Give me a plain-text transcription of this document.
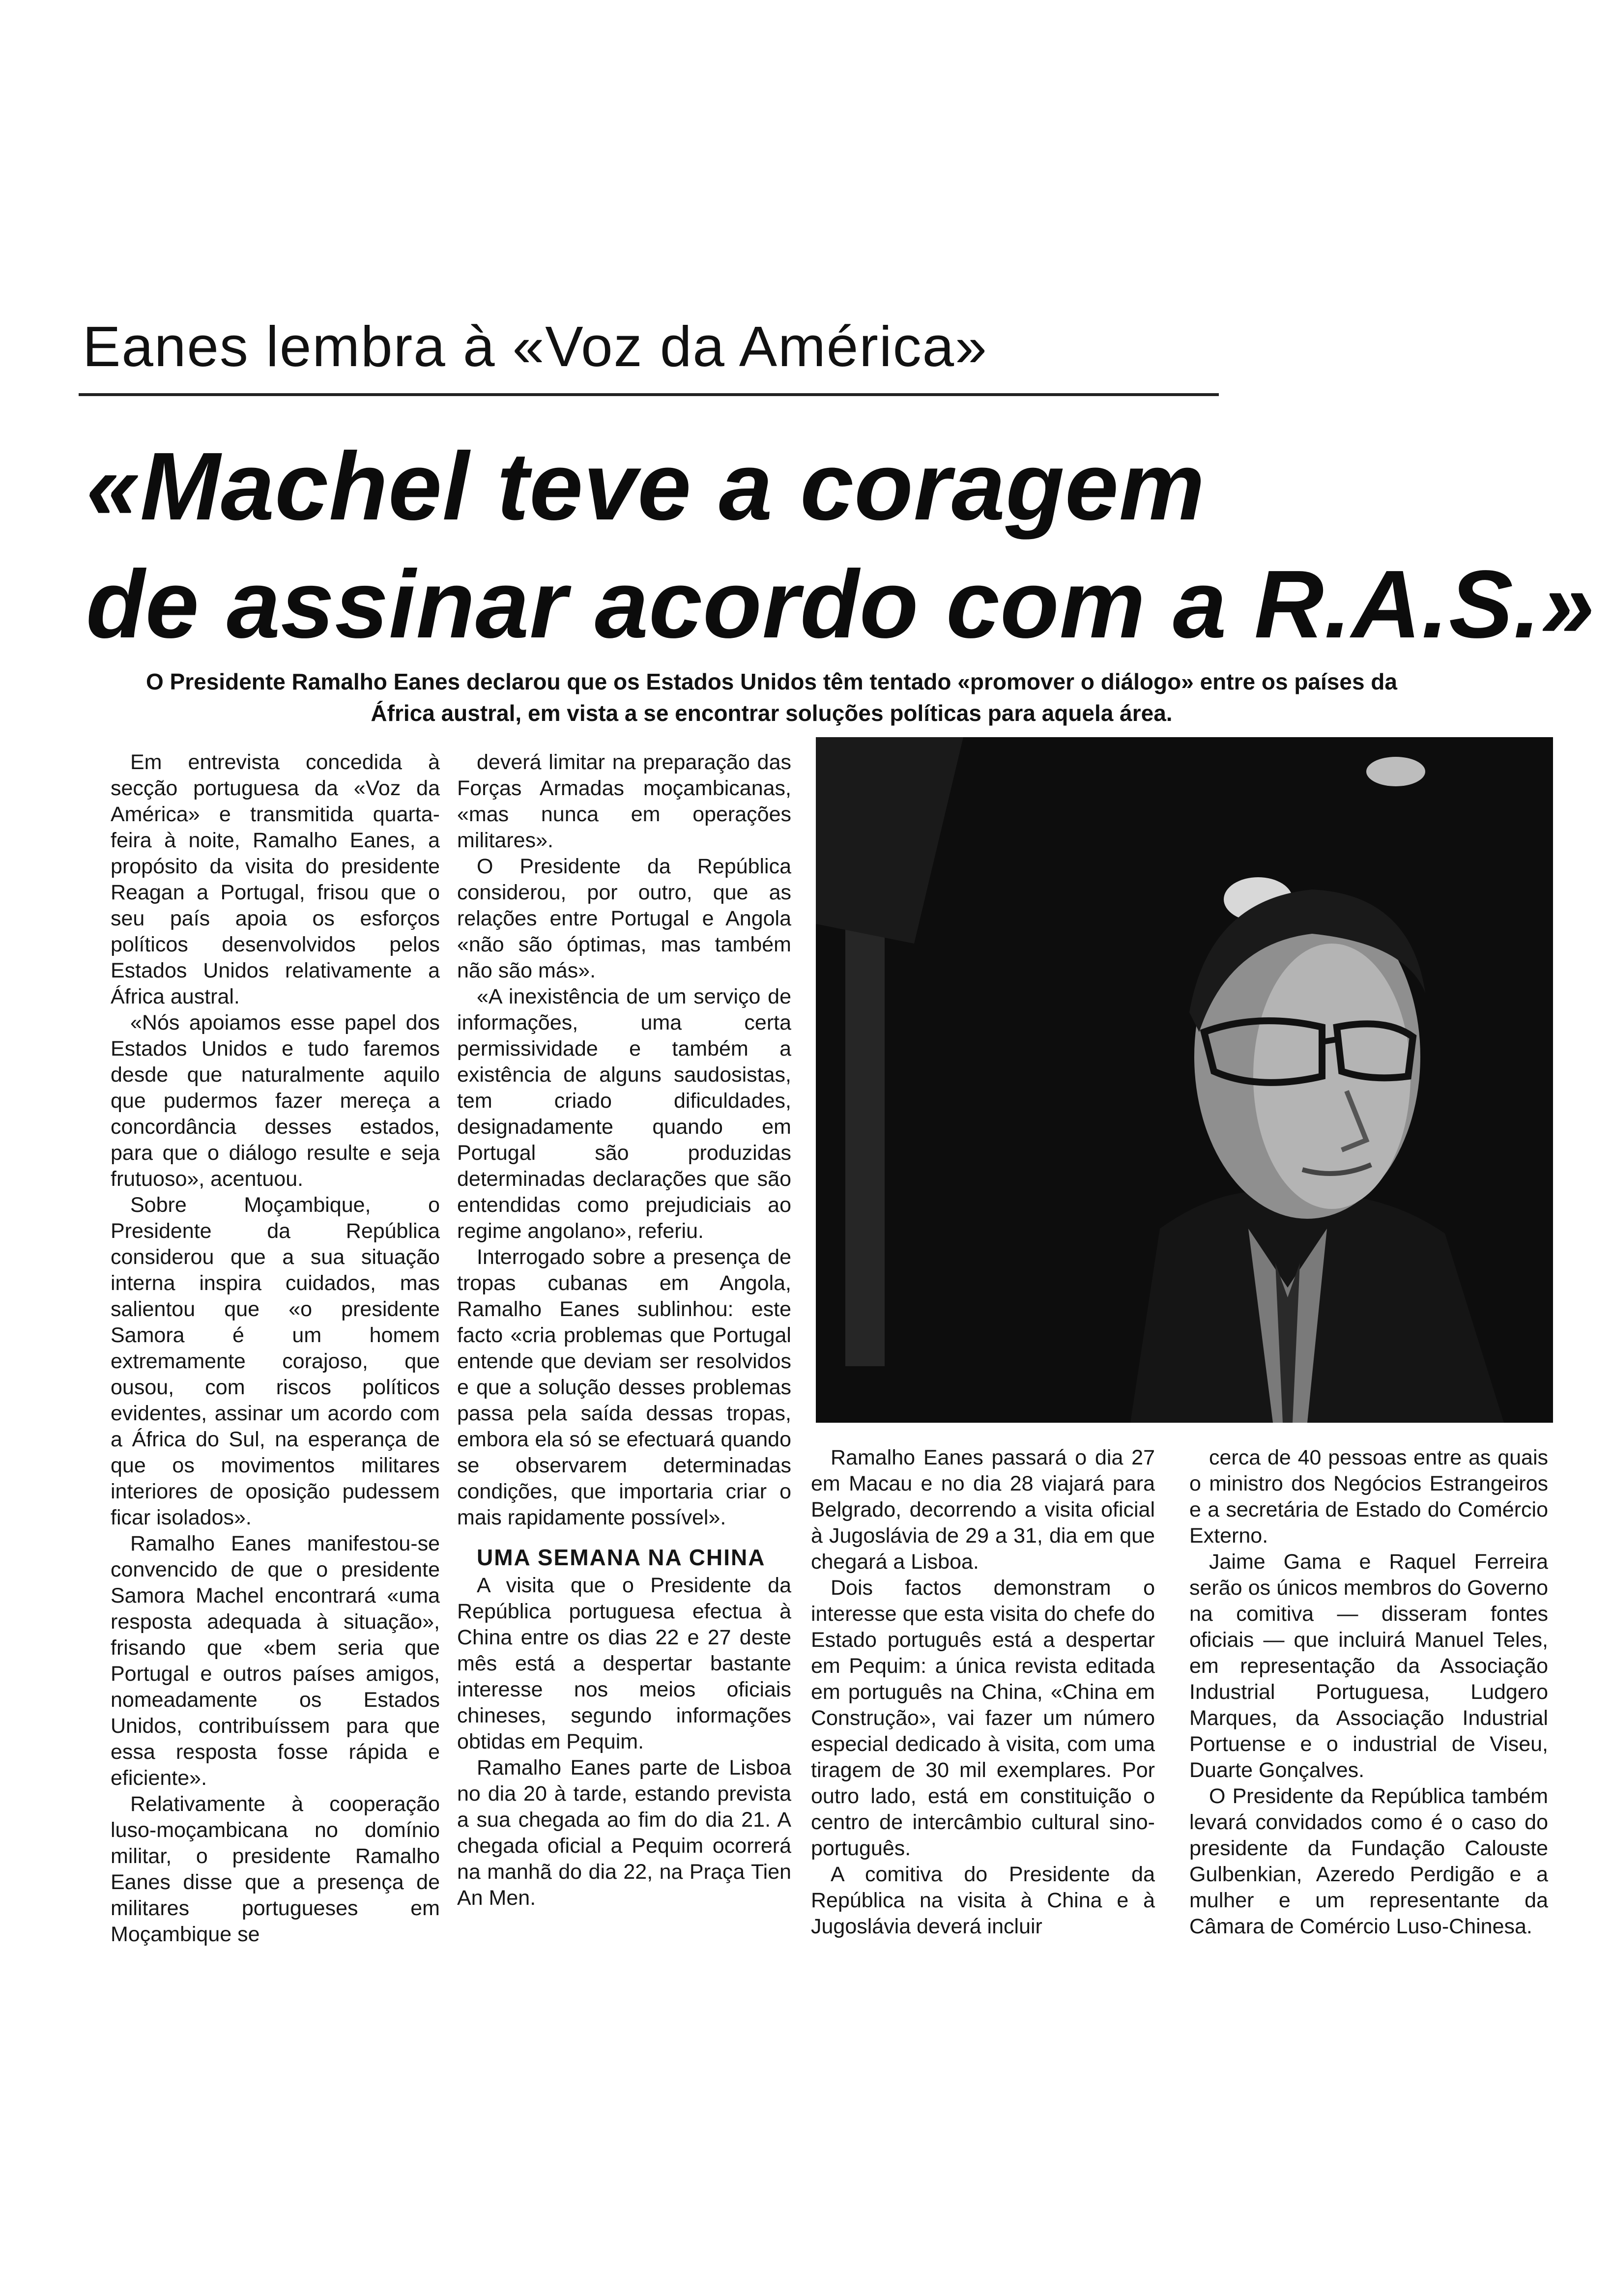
Eanes lembra à «Voz da América»
«Machel teve a coragem
de assinar acordo com a R.A.S.»
O Presidente Ramalho Eanes declarou que os Estados Unidos têm tentado «promover o diálogo» entre os países da África austral, em vista a se encontrar soluções políticas para aquela área.

Em entrevista concedida à secção portuguesa da «Voz da América» e transmitida quarta-feira à noite, Ramalho Eanes, a propósito da visita do presidente Reagan a Portugal, frisou que o seu país apoia os esforços políticos desenvolvidos pelos Estados Unidos relativamente a África austral.

«Nós apoiamos esse papel dos Estados Unidos e tudo faremos desde que naturalmente aquilo que pudermos fazer mereça a concordância desses estados, para que o diálogo resulte e seja frutuoso», acentuou.

Sobre Moçambique, o Presidente da República considerou que a sua situação interna inspira cuidados, mas salientou que «o presidente Samora é um homem extremamente corajoso, que ousou, com riscos políticos evidentes, assinar um acordo com a África do Sul, na esperança de que os movimentos militares interiores de oposição pudessem ficar isolados».

Ramalho Eanes manifestou-se convencido de que o presidente Samora Machel encontrará «uma resposta adequada à situação», frisando que «bem seria que Portugal e outros países amigos, nomeadamente os Estados Unidos, contribuíssem para que essa resposta fosse rápida e eficiente».

Relativamente à cooperação luso-moçambicana no domínio militar, o presidente Ramalho Eanes disse que a presença de militares portugueses em Moçambique se

deverá limitar na preparação das Forças Armadas moçambicanas, «mas nunca em operações militares».

O Presidente da República considerou, por outro, que as relações entre Portugal e Angola «não são óptimas, mas também não são más».

«A inexistência de um serviço de informações, uma certa permissividade e também a existência de alguns saudosistas, tem criado dificuldades, designadamente quando em Portugal são produzidas determinadas declarações que são entendidas como prejudiciais ao regime angolano», referiu.

Interrogado sobre a presença de tropas cubanas em Angola, Ramalho Eanes sublinhou: este facto «cria problemas que Portugal entende que deviam ser resolvidos e que a solução desses problemas passa pela saída dessas tropas, embora ela só se efectuará quando se observarem determinadas condições, que importaria criar o mais rapidamente possível».

UMA SEMANA NA CHINA

A visita que o Presidente da República portuguesa efectua à China entre os dias 22 e 27 deste mês está a despertar bastante interesse nos meios oficiais chineses, segundo informações obtidas em Pequim.

Ramalho Eanes parte de Lisboa no dia 20 à tarde, estando prevista a sua chegada ao fim do dia 21. A chegada oficial a Pequim ocorrerá na manhã do dia 22, na Praça Tien An Men.

Ramalho Eanes passará o dia 27 em Macau e no dia 28 viajará para Belgrado, decorrendo a visita oficial à Jugoslávia de 29 a 31, dia em que chegará a Lisboa.

Dois factos demonstram o interesse que esta visita do chefe do Estado português está a despertar em Pequim: a única revista editada em português na China, «China em Construção», vai fazer um número especial dedicado à visita, com uma tiragem de 30 mil exemplares. Por outro lado, está em constituição o centro de intercâmbio cultural sino-português.

A comitiva do Presidente da República na visita à China e à Jugoslávia deverá incluir

cerca de 40 pessoas entre as quais o ministro dos Negócios Estrangeiros e a secretária de Estado do Comércio Externo.

Jaime Gama e Raquel Ferreira serão os únicos membros do Governo na comitiva — disseram fontes oficiais — que incluirá Manuel Teles, em representação da Associação Industrial Portuguesa, Ludgero Marques, da Associação Industrial Portuense e o industrial de Viseu, Duarte Gonçalves.

O Presidente da República também levará convidados como é o caso do presidente da Fundação Calouste Gulbenkian, Azeredo Perdigão e a mulher e um representante da Câmara de Comércio Luso-Chinesa.
